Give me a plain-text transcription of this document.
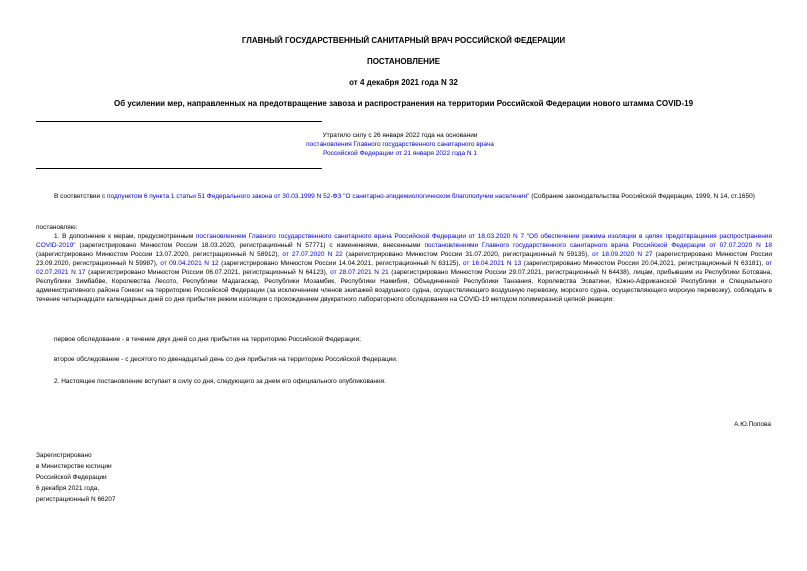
ГЛАВНЫЙ ГОСУДАРСТВЕННЫЙ САНИТАРНЫЙ ВРАЧ РОССИЙСКОЙ ФЕДЕРАЦИИ
ПОСТАНОВЛЕНИЕ
от 4 декабря 2021 года N 32
Об усилении мер, направленных на предотвращение завоза и распространения на территории Российской Федерации нового штамма COVID-19
Утратило силу с 26 января 2022 года на основании
постановления Главного государственного санитарного врача
Российской Федерации от 21 января 2022 года N 1

В соответствии с подпунктом 6 пункта 1 статьи 51 Федерального закона от 30.03.1999 N 52-ФЗ "О санитарно-эпидемиологическом благополучии населения" (Собрание законодательства Российской Федерации, 1999, N 14, ст.1650)

постановляю:

1. В дополнение к мерам, предусмотренным постановлением Главного государственного санитарного врача Российской Федерации от 18.03.2020 N 7 "Об обеспечении режима изоляции в целях предотвращения распространения COVID-2019" (зарегистрировано Минюстом России 18.03.2020, регистрационный N 57771) с изменениями, внесенными постановлениями Главного государственного санитарного врача Российской Федерации от 07.07.2020 N 18 (зарегистрировано Минюстом России 13.07.2020, регистрационный N 58912), от 27.07.2020 N 22 (зарегистрировано Минюстом России 31.07.2020, регистрационный N 59135), от 18.09.2020 N 27 (зарегистрировано Минюстом России 23.09.2020, регистрационный N 59987), от 09.04.2021 N 12 (зарегистрировано Минюстом России 14.04.2021, регистрационный N 63125), от 16.04.2021 N 13 (зарегистрировано Минюстом России 20.04.2021, регистрационный N 63181), от 02.07.2021 N 17 (зарегистрировано Минюстом России 06.07.2021, регистрационный N 64123), от 28.07.2021 N 21 (зарегистрировано Минюстом России 29.07.2021, регистрационный N 64438), лицам, прибывшим из Республики Ботсвана, Республики Зимбабве, Королевства Лесото, Республики Мадагаскар, Республики Мозамбик, Республики Намибия, Объединенной Республики Танзания, Королевства Эсватини, Южно-Африканской Республики и Специального административного района Гонконг на территорию Российской Федерации (за исключением членов экипажей воздушного судна, осуществляющего воздушную перевозку, морского судна, осуществляющего морскую перевозку), соблюдать в течение четырнадцати календарных дней со дня прибытия режим изоляции с прохождением двукратного лабораторного обследования на COVID-19 методом полимеразной цепной реакции:

первое обследование - в течение двух дней со дня прибытия на территорию Российской Федерации;
второе обследование - с десятого по двенадцатый день со дня прибытия на территорию Российской Федерации.
2. Настоящее постановление вступает в силу со дня, следующего за днем его официального опубликования.
А.Ю.Попова
Зарегистрировано
в Министерстве юстиции
Российской Федерации
6 декабря 2021 года,
регистрационный N 66207
